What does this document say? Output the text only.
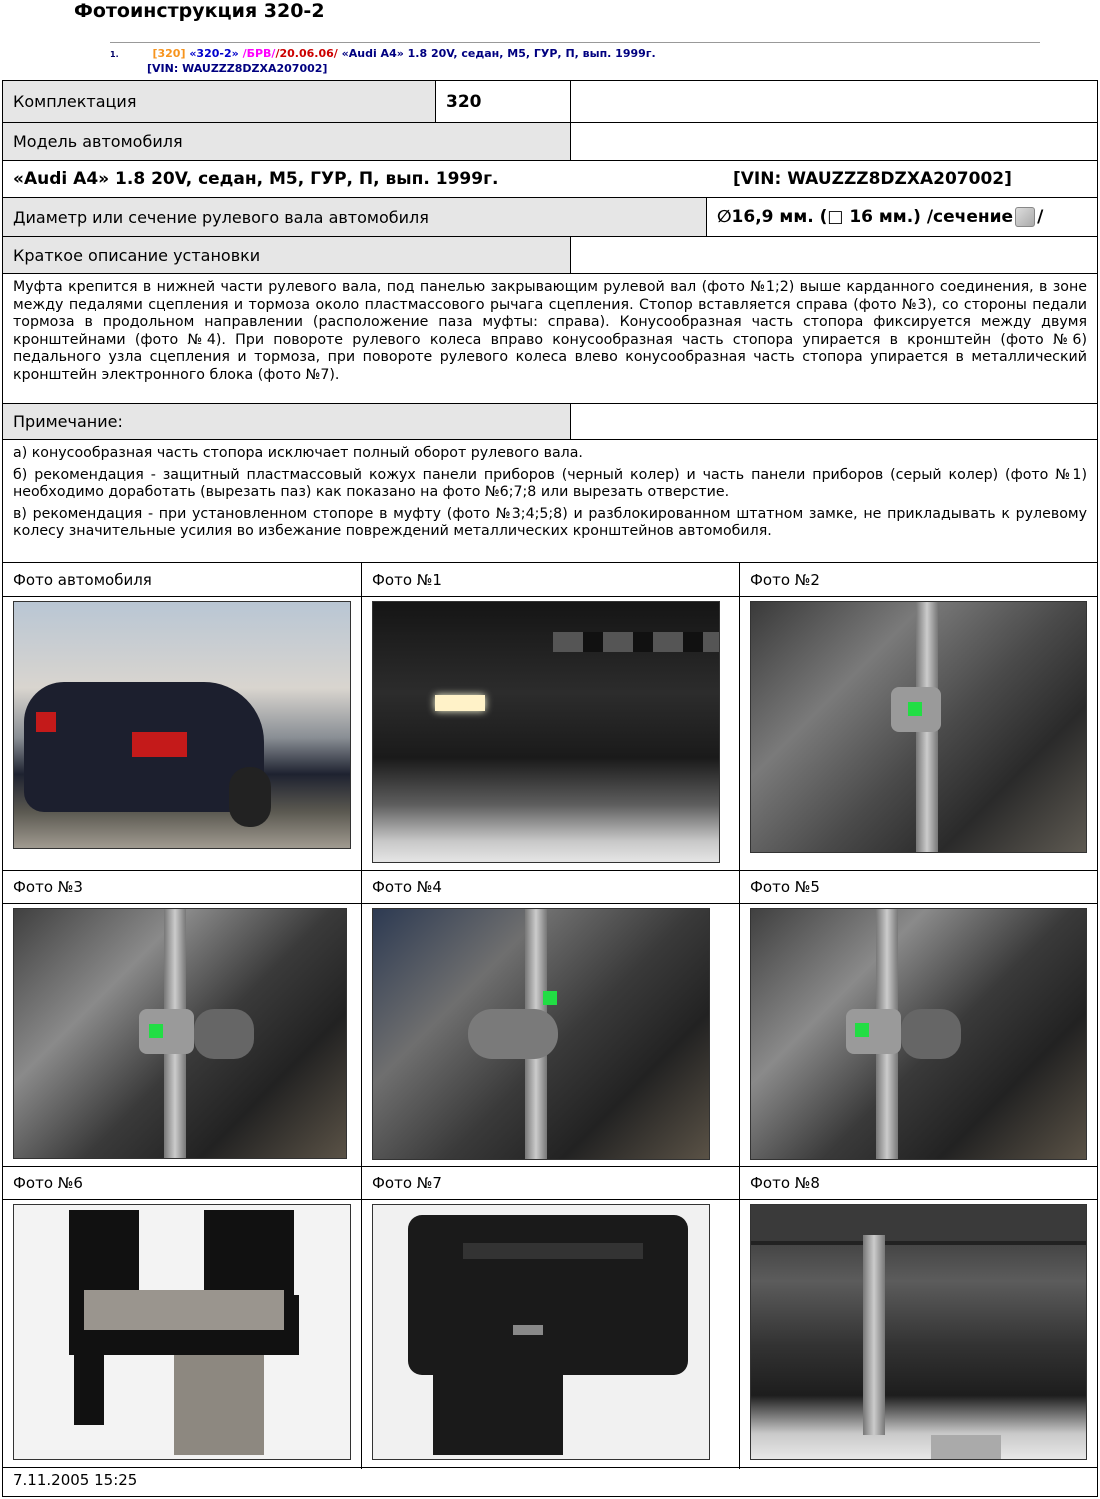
Фотоинструкция 320-2
1.	[320] «320-2» /БРВ//20.06.06/ «Audi A4» 1.8 20V, седан, M5, ГУР, П, вып. 1999г.
[VIN: WAUZZZ8DZXA207002]
Комплектация	320
Модель автомобиля
«Audi A4» 1.8 20V, седан, M5, ГУР, П, вып. 1999г.	[VIN: WAUZZZ8DZXA207002]
Диаметр или сечение рулевого вала автомобиля	∅16,9 мм. (□ 16 мм.) /сечение /
Краткое описание установки
Муфта крепится в нижней части рулевого вала, под панелью закрывающим рулевой вал (фото №1;2) выше карданного соединения, в зоне между педалями сцепления и тормоза около пластмассового рычага сцепления. Стопор вставляется справа (фото №3), со стороны педали тормоза в продольном направлении (расположение паза муфты: справа). Конусообразная часть стопора фиксируется между двумя кронштейнами (фото №4). При повороте рулевого колеса вправо конусообразная часть стопора упирается в кронштейн (фото №6) педального узла сцепления и тормоза, при повороте рулевого колеса влево конусообразная часть стопора упирается в металлический кронштейн электронного блока (фото №7).
Примечание:

а) конусообразная часть стопора исключает полный оборот рулевого вала.

б) рекомендация - защитный пластмассовый кожух панели приборов (черный колер) и часть панели приборов (серый колер) (фото №1) необходимо доработать (вырезать паз) как показано на фото №6;7;8 или вырезать отверстие.

в) рекомендация - при установленном стопоре в муфту (фото №3;4;5;8) и разблокированном штатном замке, не прикладывать к рулевому колесу значительные усилия во избежание повреждений металлических кронштейнов автомобиля.

Фото автомобиля	Фото №1	Фото №2
Фото №3	Фото №4	Фото №5
Фото №6	Фото №7	Фото №8
7.11.2005 15:25
